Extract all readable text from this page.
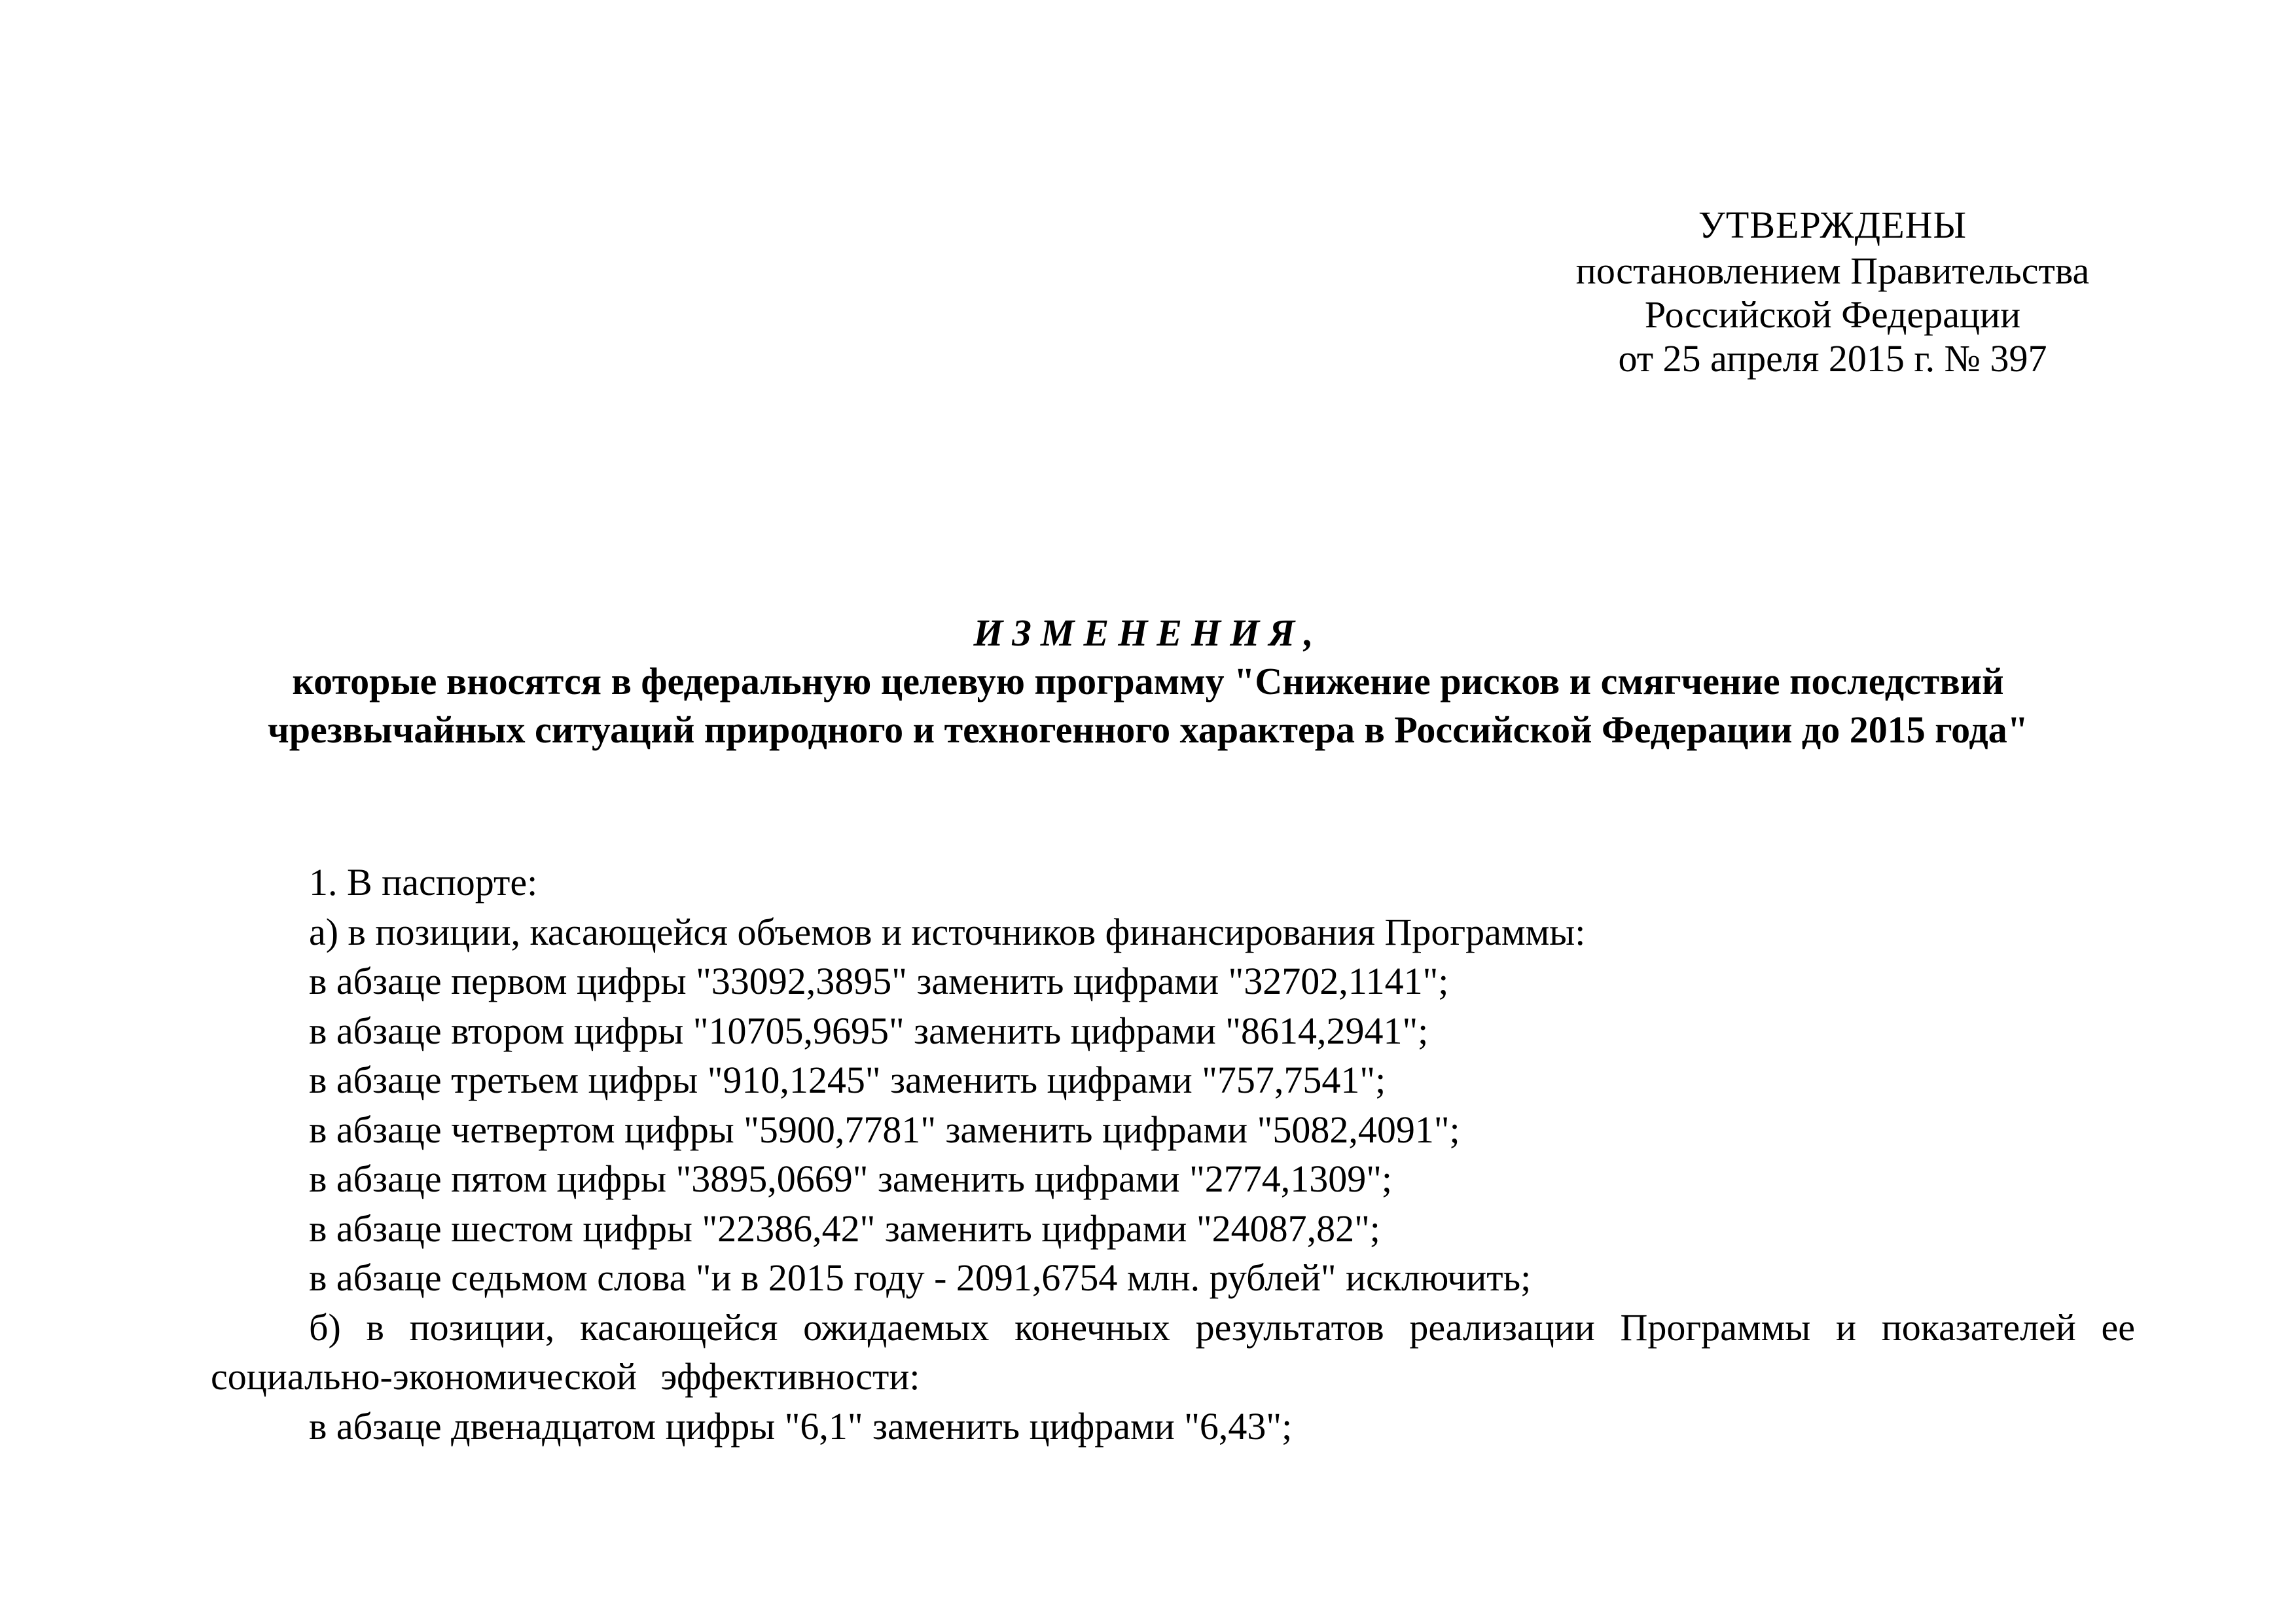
УТВЕРЖДЕНЫ
постановлением Правительства
Российской Федерации
от 25 апреля 2015 г. № 397
ИЗМЕНЕНИЯ,
которые вносятся в федеральную целевую программу "Снижение рисков и смягчение последствий
чрезвычайных ситуаций природного и техногенного характера в Российской Федерации до 2015 года"
1. В паспорте:
а) в позиции, касающейся объемов и источников финансирования Программы:
в абзаце первом цифры "33092,3895" заменить цифрами "32702,1141";
в абзаце втором цифры "10705,9695" заменить цифрами "8614,2941";
в абзаце третьем цифры "910,1245" заменить цифрами "757,7541";
в абзаце четвертом цифры "5900,7781" заменить цифрами "5082,4091";
в абзаце пятом цифры "3895,0669" заменить цифрами "2774,1309";
в абзаце шестом цифры "22386,42" заменить цифрами "24087,82";
в абзаце седьмом слова "и в 2015 году - 2091,6754 млн. рублей" исключить;
б) в позиции, касающейся ожидаемых конечных результатов реализации Программы и показателей ее социально-экономической эффективности:
в абзаце двенадцатом цифры "6,1" заменить цифрами "6,43";
